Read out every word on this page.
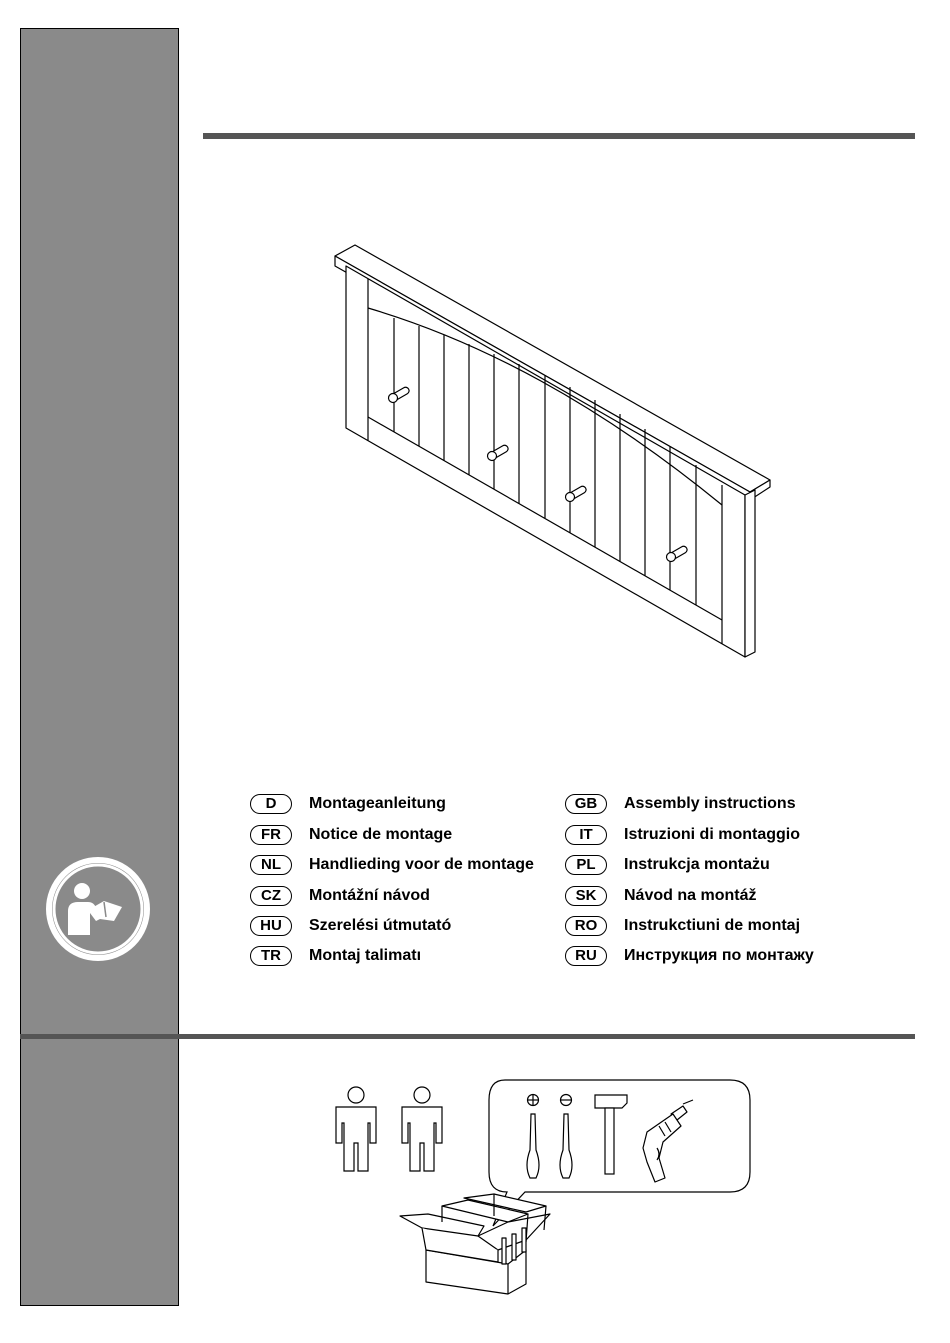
D	Montageanleitung
FR	Notice de montage
NL	Handlieding voor de montage
CZ	Montážní návod
HU	Szerelési útmutató
TR	Montaj talimatı
GB	Assembly instructions
IT	Istruzioni di montaggio
PL	Instrukcja montażu
SK	Návod na montáž
RO	Instrukctiuni de montaj
RU	Инструкция по монтажу
